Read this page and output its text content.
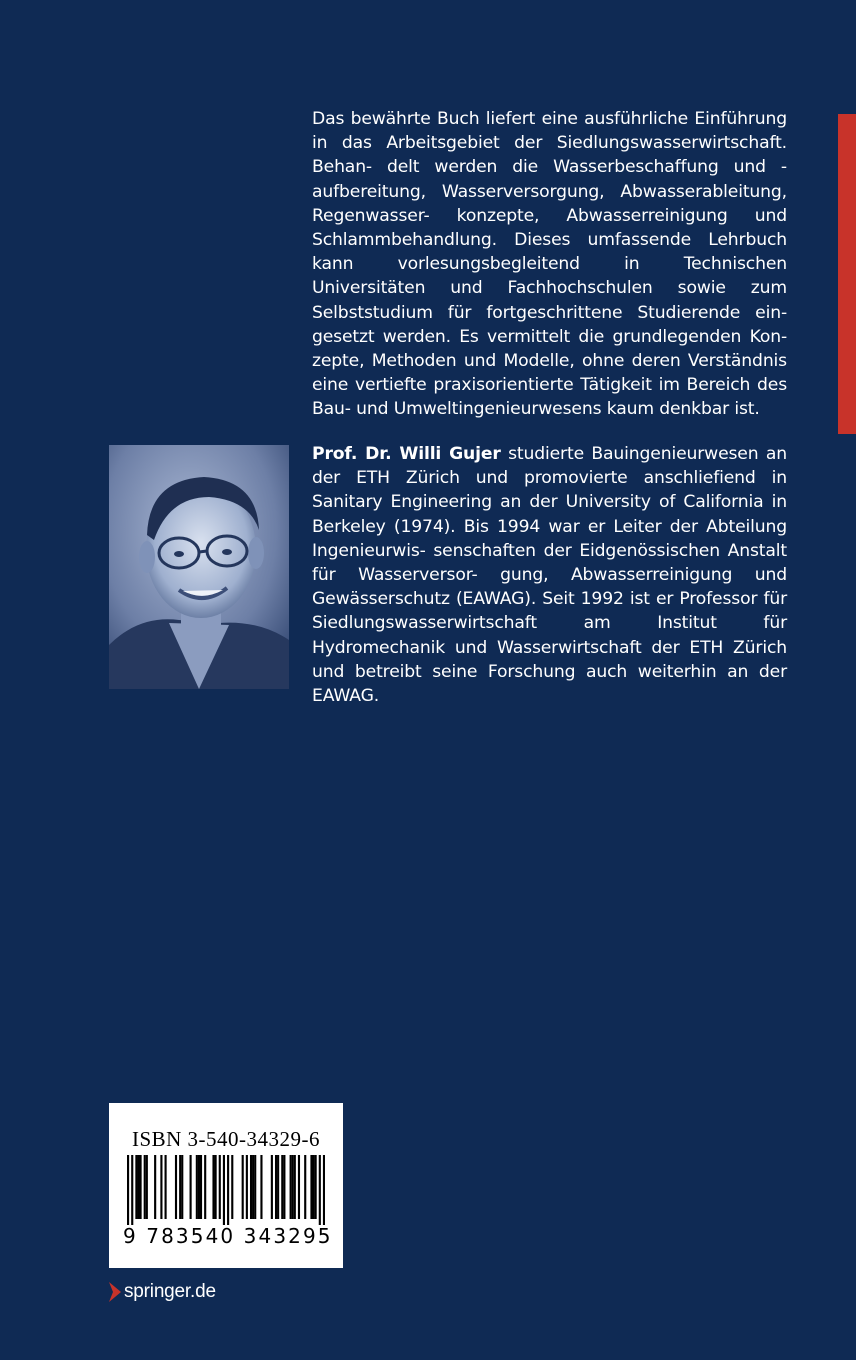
Das bewährte Buch liefert eine ausführliche Einführung in das Arbeitsgebiet der Siedlungswasserwirtschaft. Behan- delt werden die Wasserbeschaffung und -aufbereitung, Wasserversorgung, Abwasserableitung, Regenwasser- konzepte, Abwasserreinigung und Schlammbehandlung. Dieses umfassende Lehrbuch kann vorlesungsbegleitend in Technischen Universitäten und Fachhochschulen sowie zum Selbststudium für fortgeschrittene Studierende ein- gesetzt werden. Es vermittelt die grundlegenden Kon- zepte, Methoden und Modelle, ohne deren Verständnis eine vertiefte praxisorientierte Tätigkeit im Bereich des Bau- und Umweltingenieurwesens kaum denkbar ist.

Prof. Dr. Willi Gujer studierte Bauingenieurwesen an der ETH Zürich und promovierte anschliefiend in Sanitary Engineering an der University of California in Berkeley (1974). Bis 1994 war er Leiter der Abteilung Ingenieurwis- senschaften der Eidgenössischen Anstalt für Wasserversor- gung, Abwasserreinigung und Gewässerschutz (EAWAG). Seit 1992 ist er Professor für Siedlungswasserwirtschaft am Institut für Hydromechanik und Wasserwirtschaft der ETH Zürich und betreibt seine Forschung auch weiterhin an der EAWAG.
ISBN 3-540-34329-6
9 783540 343295
springer.de
